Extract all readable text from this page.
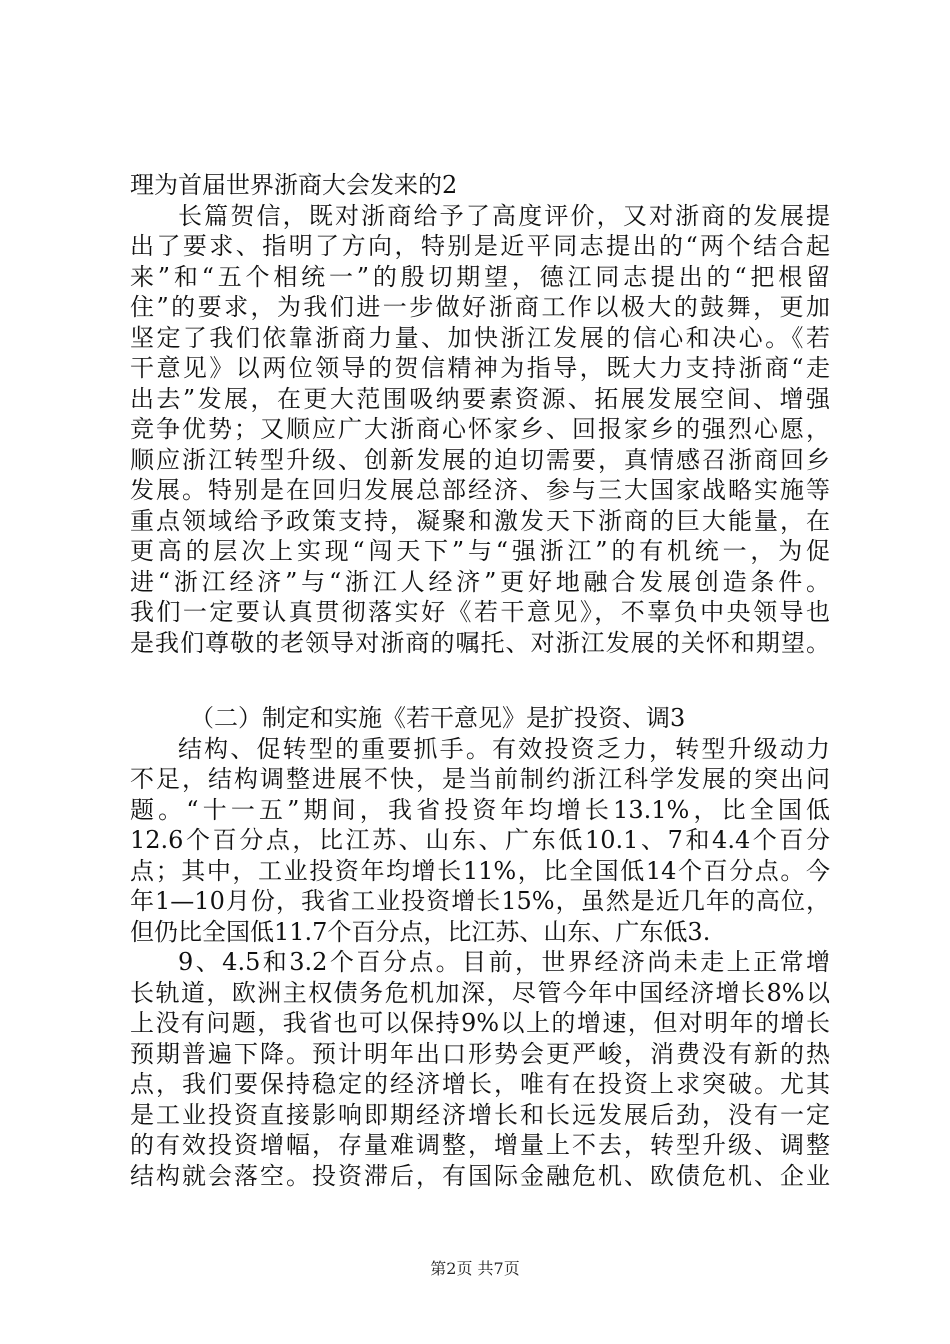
理为首届世界浙商大会发来的2
长篇贺信，既对浙商给予了高度评价，又对浙商的发展提
出了要求、指明了方向，特别是近平同志提出的“两个结合起
来”和“五个相统一”的殷切期望，德江同志提出的“把根留
住”的要求，为我们进一步做好浙商工作以极大的鼓舞，更加
坚定了我们依靠浙商力量、加快浙江发展的信心和决心。《若
干意见》以两位领导的贺信精神为指导，既大力支持浙商“走
出去”发展，在更大范围吸纳要素资源、拓展发展空间、增强
竞争优势；又顺应广大浙商心怀家乡、回报家乡的强烈心愿，
顺应浙江转型升级、创新发展的迫切需要，真情感召浙商回乡
发展。特别是在回归发展总部经济、参与三大国家战略实施等
重点领域给予政策支持，凝聚和激发天下浙商的巨大能量，在
更高的层次上实现“闯天下”与“强浙江”的有机统一，为促
进“浙江经济”与“浙江人经济”更好地融合发展创造条件。
我们一定要认真贯彻落实好《若干意见》，不辜负中央领导也
是我们尊敬的老领导对浙商的嘱托、对浙江发展的关怀和期望。
（二）制定和实施《若干意见》是扩投资、调3
结构、促转型的重要抓手。有效投资乏力，转型升级动力
不足，结构调整进展不快，是当前制约浙江科学发展的突出问
题。“十一五”期间，我省投资年均增长13.1%，比全国低
12.6个百分点，比江苏、山东、广东低10.1、7和4.4个百分
点；其中，工业投资年均增长11%，比全国低14个百分点。今
年1—10月份，我省工业投资增长15%，虽然是近几年的高位，
但仍比全国低11.7个百分点，比江苏、山东、广东低3.
9、4.5和3.2个百分点。目前，世界经济尚未走上正常增
长轨道，欧洲主权债务危机加深，尽管今年中国经济增长8%以
上没有问题，我省也可以保持9%以上的增速，但对明年的增长
预期普遍下降。预计明年出口形势会更严峻，消费没有新的热
点，我们要保持稳定的经济增长，唯有在投资上求突破。尤其
是工业投资直接影响即期经济增长和长远发展后劲，没有一定
的有效投资增幅，存量难调整，增量上不去，转型升级、调整
结构就会落空。投资滞后，有国际金融危机、欧债危机、企业
第2页 共7页
